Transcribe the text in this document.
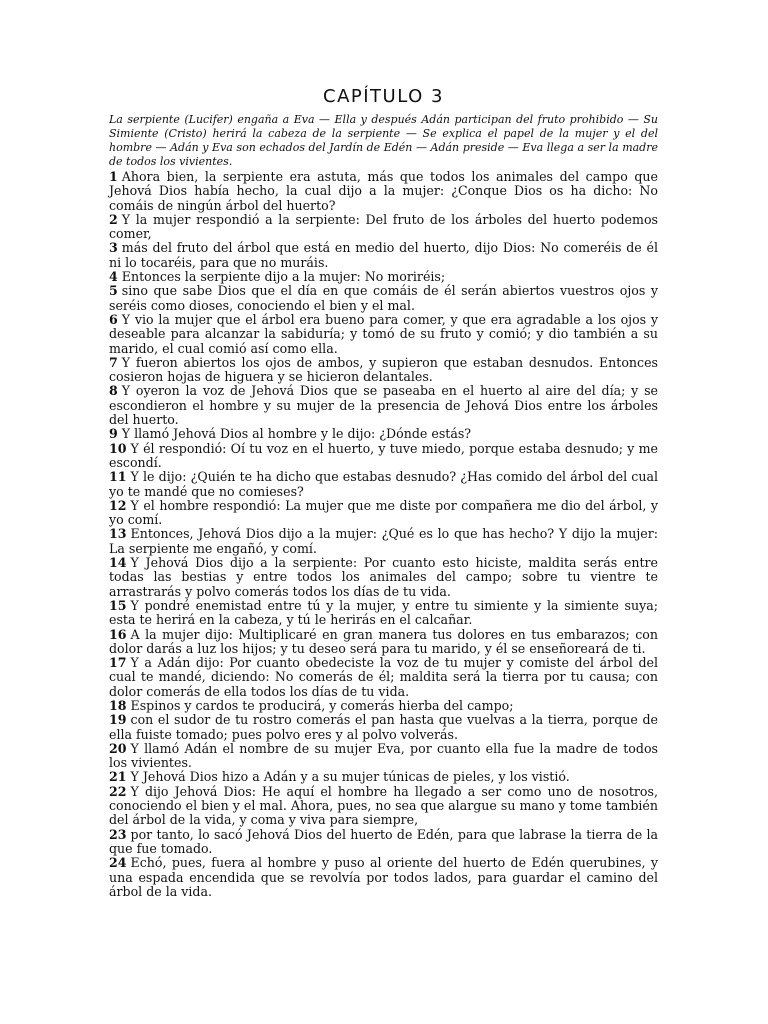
CAPÍTULO 3

La serpiente (Lucifer) engaña a Eva — Ella y después Adán participan del fruto prohibido — Su Simiente (Cristo) herirá la cabeza de la serpiente — Se explica el papel de la mujer y el del hombre — Adán y Eva son echados del Jardín de Edén — Adán preside — Eva llega a ser la madre de todos los vivientes.

1 Ahora bien, la serpiente era astuta, más que todos los animales del campo que Jehová Dios había hecho, la cual dijo a la mujer: ¿Conque Dios os ha dicho: No comáis de ningún árbol del huerto?

2 Y la mujer respondió a la serpiente: Del fruto de los árboles del huerto podemos comer,

3 más del fruto del árbol que está en medio del huerto, dijo Dios: No comeréis de él ni lo tocaréis, para que no muráis.

4 Entonces la serpiente dijo a la mujer: No moriréis;

5 sino que sabe Dios que el día en que comáis de él serán abiertos vuestros ojos y seréis como dioses, conociendo el bien y el mal.

6 Y vio la mujer que el árbol era bueno para comer, y que era agradable a los ojos y deseable para alcanzar la sabiduría; y tomó de su fruto y comió; y dio también a su marido, el cual comió así como ella.

7 Y fueron abiertos los ojos de ambos, y supieron que estaban desnudos. Entonces cosieron hojas de higuera y se hicieron delantales.

8 Y oyeron la voz de Jehová Dios que se paseaba en el huerto al aire del día; y se escondieron el hombre y su mujer de la presencia de Jehová Dios entre los árboles del huerto.

9 Y llamó Jehová Dios al hombre y le dijo: ¿Dónde estás?

10 Y él respondió: Oí tu voz en el huerto, y tuve miedo, porque estaba desnudo; y me escondí.

11 Y le dijo: ¿Quién te ha dicho que estabas desnudo? ¿Has comido del árbol del cual yo te mandé que no comieses?

12 Y el hombre respondió: La mujer que me diste por compañera me dio del árbol, y yo comí.

13 Entonces, Jehová Dios dijo a la mujer: ¿Qué es lo que has hecho? Y dijo la mujer: La serpiente me engañó, y comí.

14 Y Jehová Dios dijo a la serpiente: Por cuanto esto hiciste, maldita serás entre todas las bestias y entre todos los animales del campo; sobre tu vientre te arrastrarás y polvo comerás todos los días de tu vida.

15 Y pondré enemistad entre tú y la mujer, y entre tu simiente y la simiente suya; esta te herirá en la cabeza, y tú le herirás en el calcañar.

16 A la mujer dijo: Multiplicaré en gran manera tus dolores en tus embarazos; con dolor darás a luz los hijos; y tu deseo será para tu marido, y él se enseñoreará de ti.

17 Y a Adán dijo: Por cuanto obedeciste la voz de tu mujer y comiste del árbol del cual te mandé, diciendo: No comerás de él; maldita será la tierra por tu causa; con dolor comerás de ella todos los días de tu vida.

18 Espinos y cardos te producirá, y comerás hierba del campo;

19 con el sudor de tu rostro comerás el pan hasta que vuelvas a la tierra, porque de ella fuiste tomado; pues polvo eres y al polvo volverás.

20 Y llamó Adán el nombre de su mujer Eva, por cuanto ella fue la madre de todos los vivientes.

21 Y Jehová Dios hizo a Adán y a su mujer túnicas de pieles, y los vistió.

22 Y dijo Jehová Dios: He aquí el hombre ha llegado a ser como uno de nosotros, conociendo el bien y el mal. Ahora, pues, no sea que alargue su mano y tome también del árbol de la vida, y coma y viva para siempre,

23 por tanto, lo sacó Jehová Dios del huerto de Edén, para que labrase la tierra de la que fue tomado.

24 Echó, pues, fuera al hombre y puso al oriente del huerto de Edén querubines, y una espada encendida que se revolvía por todos lados, para guardar el camino del árbol de la vida.
